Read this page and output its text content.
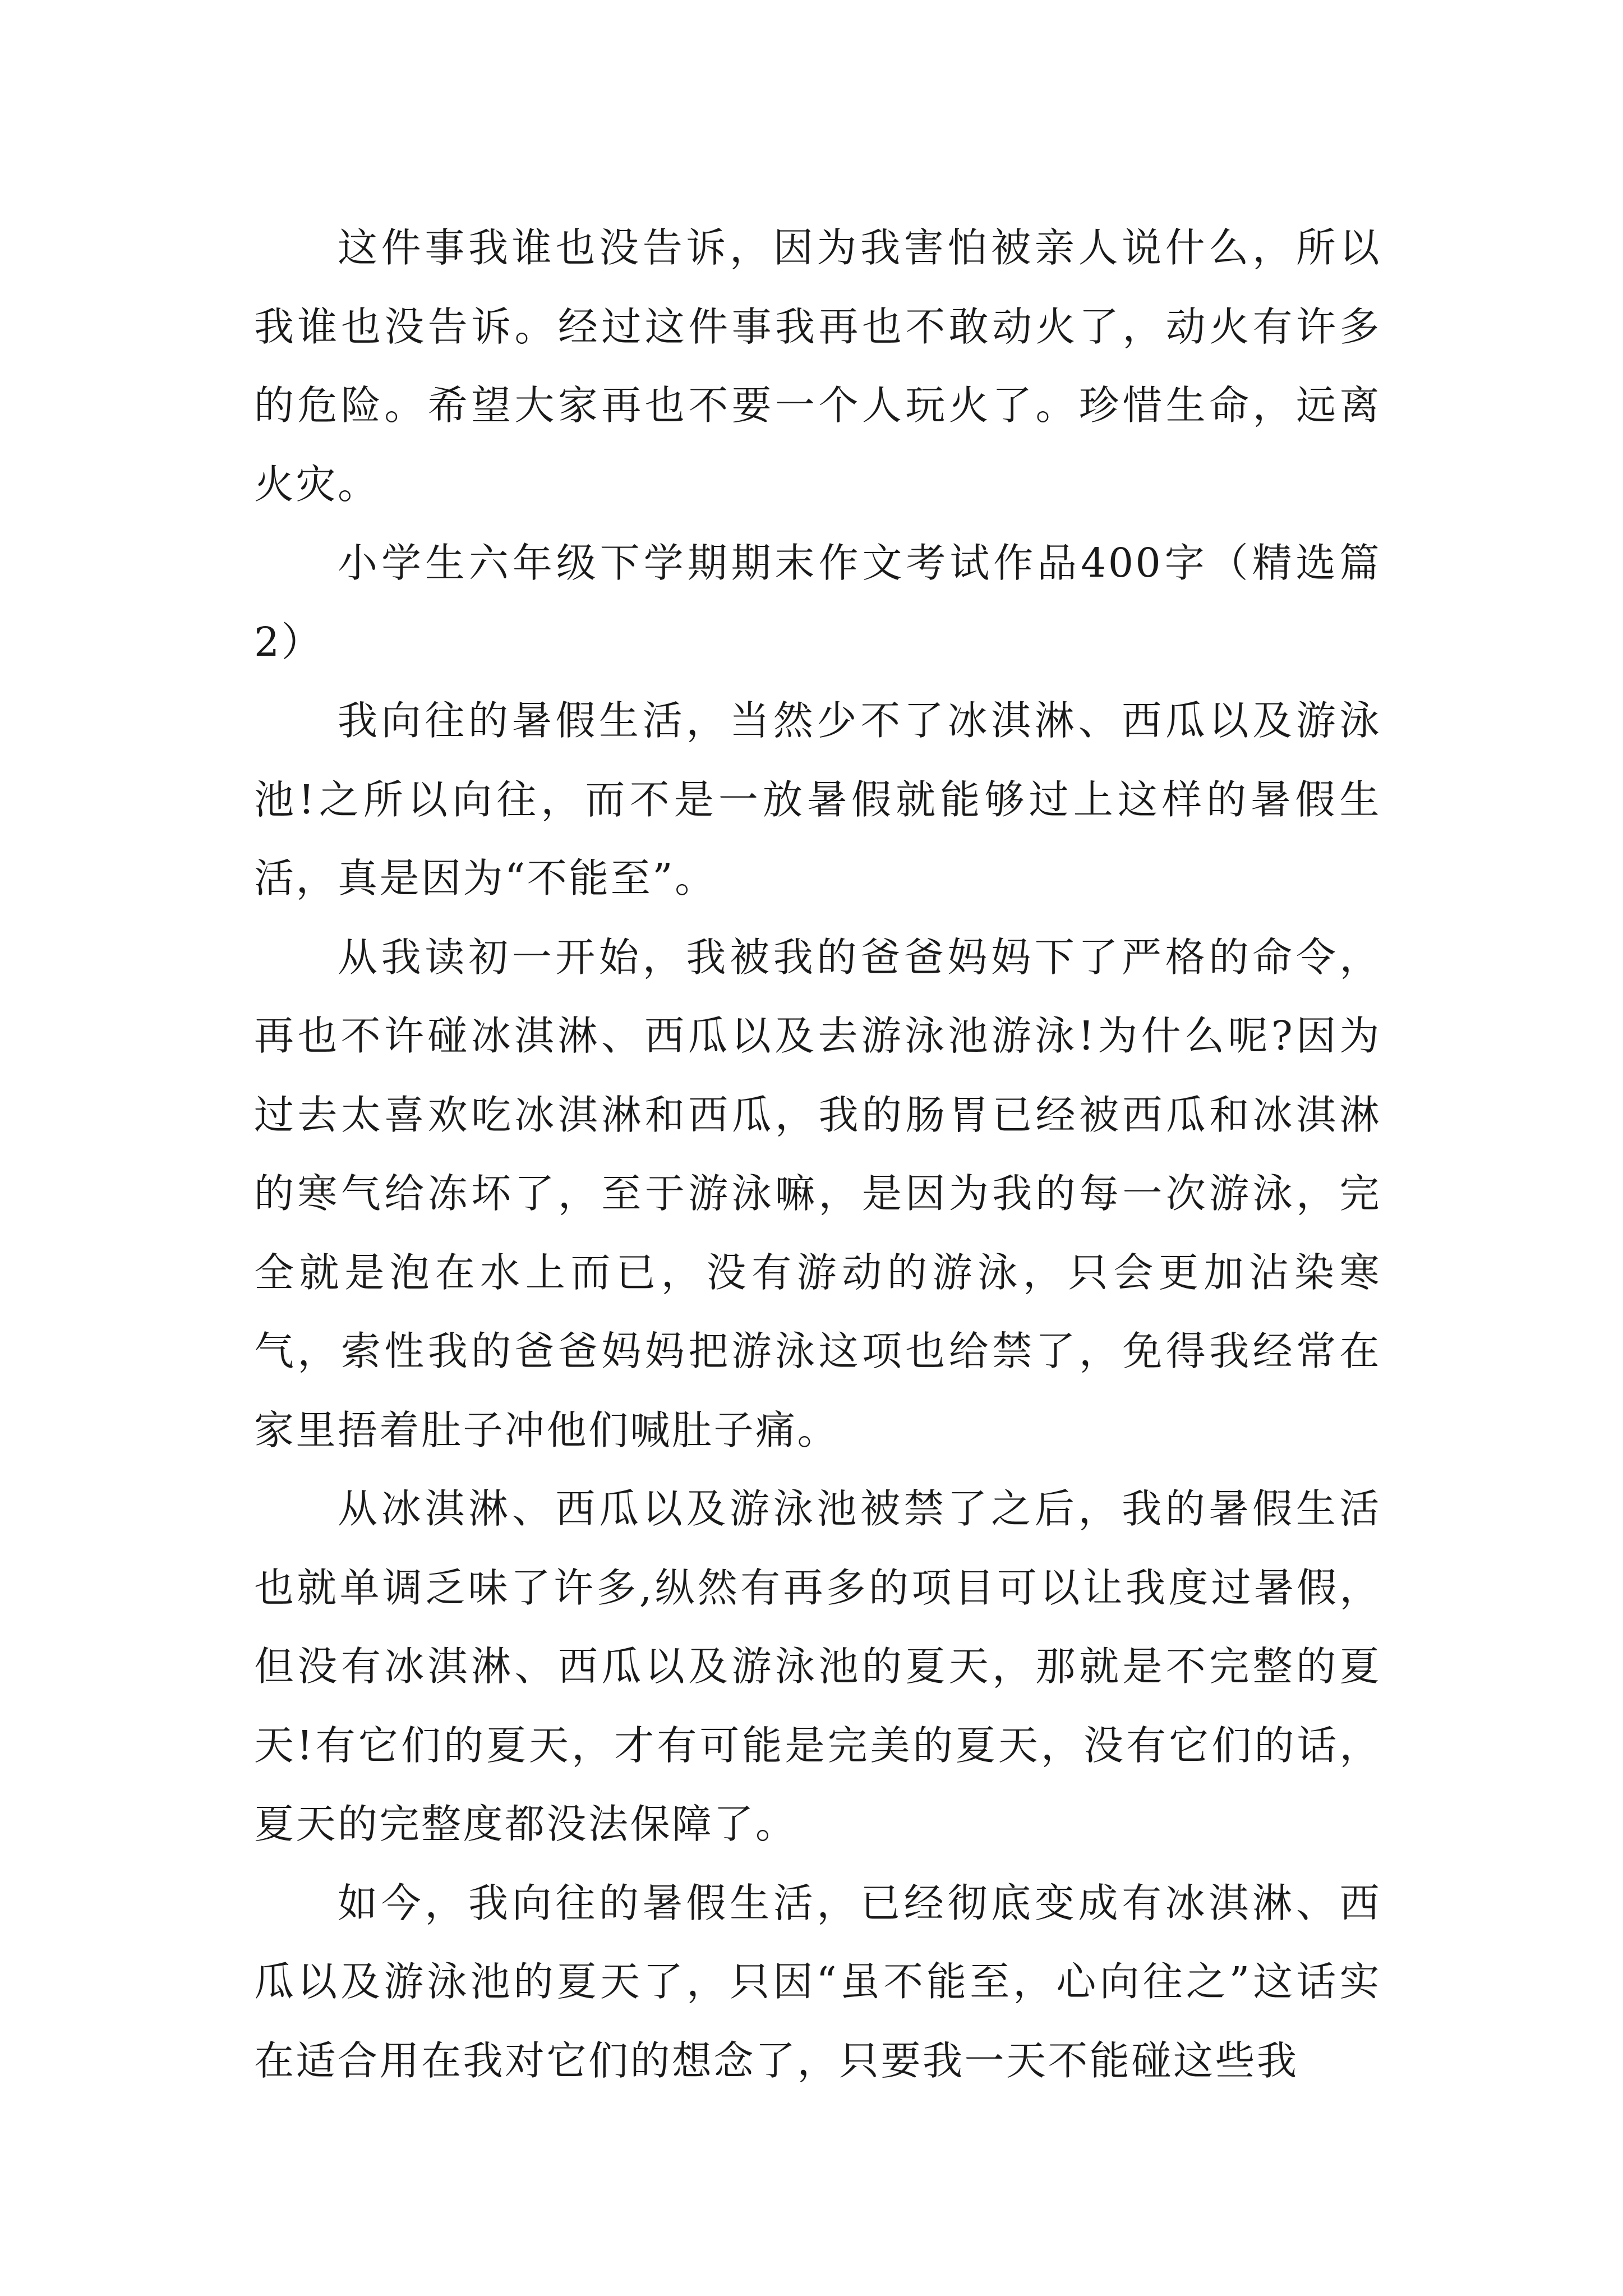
这件事我谁也没告诉，因为我害怕被亲人说什么，所以我谁也没告诉。经过这件事我再也不敢动火了，动火有许多的危险。希望大家再也不要一个人玩火了。珍惜生命，远离火灾。

小学生六年级下学期期末作文考试作品400字（精选篇2）

我向往的暑假生活，当然少不了冰淇淋、西瓜以及游泳池!之所以向往，而不是一放暑假就能够过上这样的暑假生活，真是因为“不能至”。

从我读初一开始，我被我的爸爸妈妈下了严格的命令，再也不许碰冰淇淋、西瓜以及去游泳池游泳!为什么呢?因为过去太喜欢吃冰淇淋和西瓜，我的肠胃已经被西瓜和冰淇淋的寒气给冻坏了，至于游泳嘛，是因为我的每一次游泳，完全就是泡在水上而已，没有游动的游泳，只会更加沾染寒气，索性我的爸爸妈妈把游泳这项也给禁了，免得我经常在家里捂着肚子冲他们喊肚子痛。

从冰淇淋、西瓜以及游泳池被禁了之后，我的暑假生活也就单调乏味了许多,纵然有再多的项目可以让我度过暑假，但没有冰淇淋、西瓜以及游泳池的夏天，那就是不完整的夏天!有它们的夏天，才有可能是完美的夏天，没有它们的话，夏天的完整度都没法保障了。

如今，我向往的暑假生活，已经彻底变成有冰淇淋、西瓜以及游泳池的夏天了，只因“虽不能至，心向往之”这话实在适合用在我对它们的想念了，只要我一天不能碰这些我
